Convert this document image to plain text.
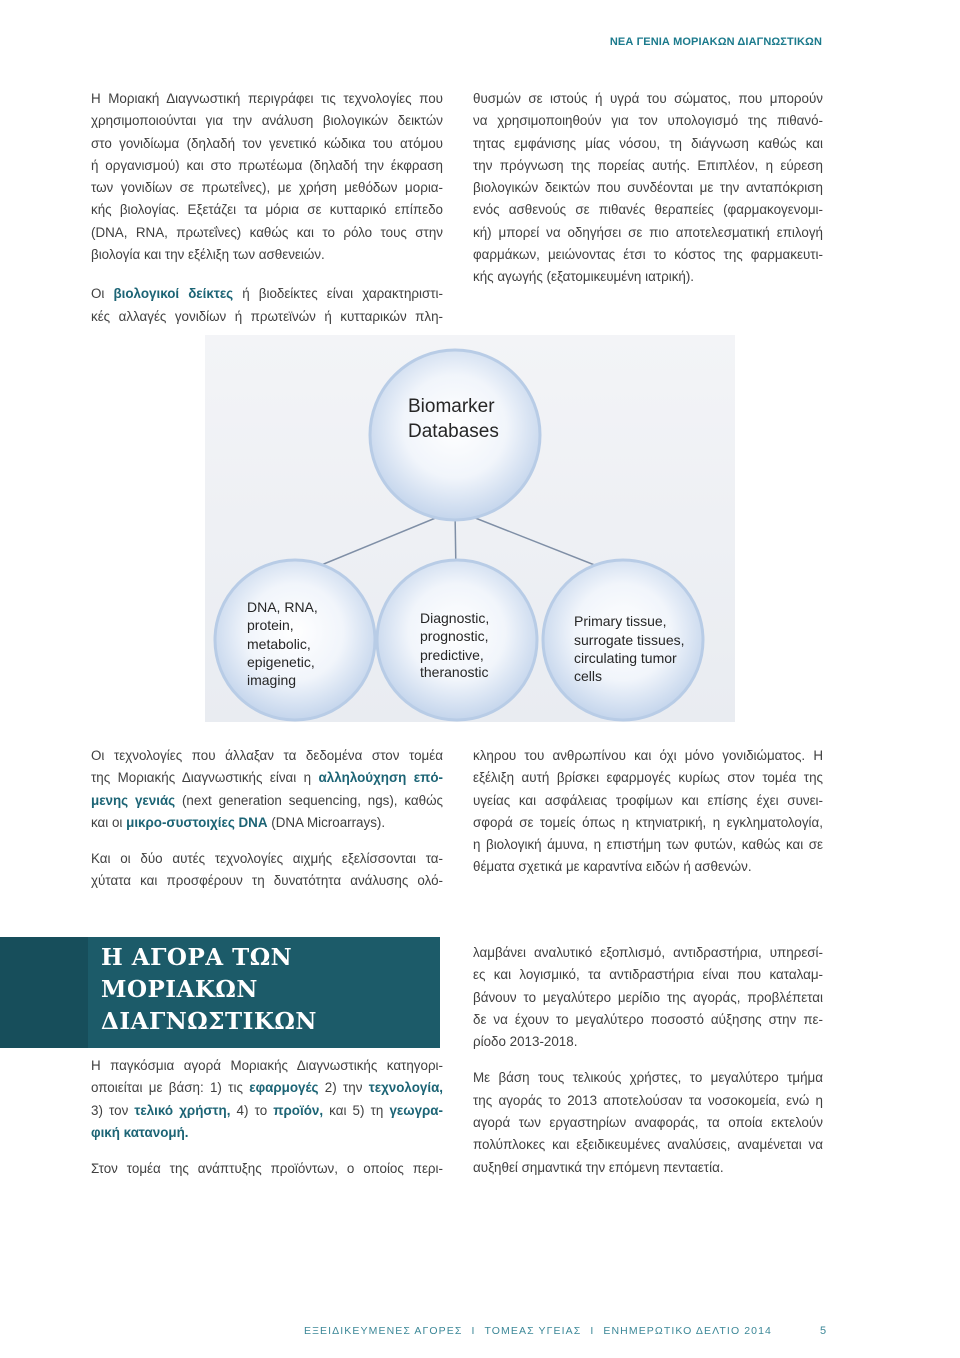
ΝΕΑ ΓΕΝΙΑ ΜΟΡΙΑΚΩΝ ΔΙΑΓΝΩΣΤΙΚΩΝ
Η Μοριακή Διαγνωστική περιγράφει τις τεχνολογίες που
χρησιμοποιούνται για την ανάλυση βιολογικών δεικτών
στο γονιδίωμα (δηλαδή τον γενετικό κώδικα του ατόμου
ή οργανισμού) και στο πρωτέωμα (δηλαδή την έκφραση
των γονιδίων σε πρωτεΐνες), με χρήση μεθόδων μορια-
κής βιολογίας. Εξετάζει τα μόρια σε κυτταρικό επίπεδο
(DNA, RNA, πρωτεΐνες) καθώς και το ρόλο τους στην
βιολογία και την εξέλιξη των ασθενειών.
Οι βιολογικοί δείκτες ή βιοδείκτες είναι χαρακτηριστι-
κές αλλαγές γονιδίων ή πρωτεϊνών ή κυτταρικών πλη-
θυσμών σε ιστούς ή υγρά του σώματος, που μπορούν
να χρησιμοποιηθούν για τον υπολογισμό της πιθανό-
τητας εμφάνισης μίας νόσου, τη διάγνωση καθώς και
την πρόγνωση της πορείας αυτής. Επιπλέον, η εύρεση
βιολογικών δεικτών που συνδέονται με την ανταπόκριση
ενός ασθενούς σε πιθανές θεραπείες (φαρμακογενομι-
κή) μπορεί να οδηγήσει σε πιο αποτελεσματική επιλογή
φαρμάκων, μειώνοντας έτσι το κόστος της φαρμακευτι-
κής αγωγής (εξατομικευμένη ιατρική).
Biomarker
Databases
DNA, RNA,
protein,
metabolic,
epigenetic,
imaging
Diagnostic,
prognostic,
predictive,
theranostic
Primary tissue,
surrogate tissues,
circulating tumor
cells
Οι τεχνολογίες που άλλαξαν τα δεδομένα στον τομέα
της Μοριακής Διαγνωστικής είναι η αλληλούχηση επό-
μενης γενιάς (next generation sequencing, ngs), καθώς
και οι μικρο-συστοιχίες DNA (DNA Microarrays).
Και οι δύο αυτές τεχνολογίες αιχμής εξελίσσονται τα-
χύτατα και προσφέρουν τη δυνατότητα ανάλυσης ολό-
κληρου του ανθρωπίνου και όχι μόνο γονιδιώματος. Η
εξέλιξη αυτή βρίσκει εφαρμογές κυρίως στον τομέα της
υγείας και ασφάλειας τροφίμων και επίσης έχει συνει-
σφορά σε τομείς όπως η κτηνιατρική, η εγκληματολογία,
η βιολογική άμυνα, η επιστήμη των φυτών, καθώς και σε
θέματα σχετικά με καραντίνα ειδών ή ασθενών.
Η ΑΓΟΡΑ ΤΩΝ
ΜΟΡΙΑΚΩΝ
ΔΙΑΓΝΩΣΤΙΚΩΝ
Η παγκόσμια αγορά Μοριακής Διαγνωστικής κατηγορι-
οποιείται με βάση: 1) τις εφαρμογές 2) την τεχνολογία,
3) τον τελικό χρήστη, 4) το προϊόν, και 5) τη γεωγρα-
φική κατανομή.
Στον τομέα της ανάπτυξης προϊόντων, ο οποίος περι-
λαμβάνει αναλυτικό εξοπλισμό, αντιδραστήρια, υπηρεσί-
ες και λογισμικό, τα αντιδραστήρια είναι που καταλαμ-
βάνουν το μεγαλύτερο μερίδιο της αγοράς, προβλέπεται
δε να έχουν το μεγαλύτερο ποσοστό αύξησης στην πε-
ρίοδο 2013-2018.
Με βάση τους τελικούς χρήστες, το μεγαλύτερο τμήμα
της αγοράς το 2013 αποτελούσαν τα νοσοκομεία, ενώ η
αγορά των εργαστηρίων αναφοράς, τα οποία εκτελούν
πολύπλοκες και εξειδικευμένες αναλύσεις, αναμένεται να
αυξηθεί σημαντικά την επόμενη πενταετία.
ΕΞΕΙΔΙΚΕΥΜΕΝΕΣ ΑΓΟΡΕΣ Ι ΤΟΜΕΑΣ ΥΓΕΙΑΣ Ι ΕΝΗΜΕΡΩΤΙΚΟ ΔΕΛΤΙΟ 2014	5
